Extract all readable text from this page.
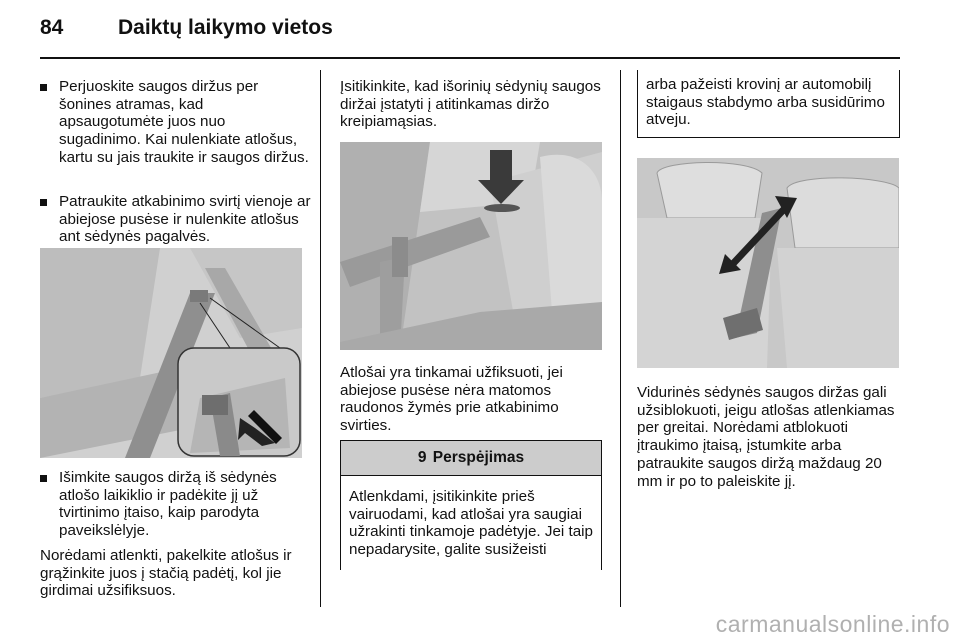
84	Daiktų laikymo vietos
Perjuoskite saugos diržus per šonines atramas, kad apsaugotumėte juos nuo sugadinimo. Kai nulenkiate atlošus, kartu su jais traukite ir saugos diržus.
Patraukite atkabinimo svirtį vienoje ar abiejose pusėse ir nulenkite atlošus ant sėdynės pagalvės.
Išimkite saugos diržą iš sėdynės atlošo laikiklio ir padėkite jį už tvirtinimo įtaiso, kaip parodyta paveikslėlyje.

Norėdami atlenkti, pakelkite atlošus ir grąžinkite juos į stačią padėtį, kol jie girdimai užsifiksuos.

Įsitikinkite, kad išorinių sėdynių saugos diržai įstatyti į atitinkamas diržo kreipiamąsias.

Atlošai yra tinkamai užfiksuoti, jei abiejose pusėse nėra matomos raudonos žymės prie atkabinimo svirties.

9 Perspėjimas
Atlenkdami, įsitikinkite prieš vairuodami, kad atlošai yra saugiai užrakinti tinkamoje padėtyje. Jei taip nepadarysite, galite susižeisti
arba pažeisti krovinį ar automobilį staigaus stabdymo arba susidūrimo atveju.

Vidurinės sėdynės saugos diržas gali užsiblokuoti, jeigu atlošas atlenkiamas per greitai. Norėdami atblokuoti įtraukimo įtaisą, įstumkite arba patraukite saugos diržą maždaug 20 mm ir po to paleiskite jį.

carmanualsonline.info
